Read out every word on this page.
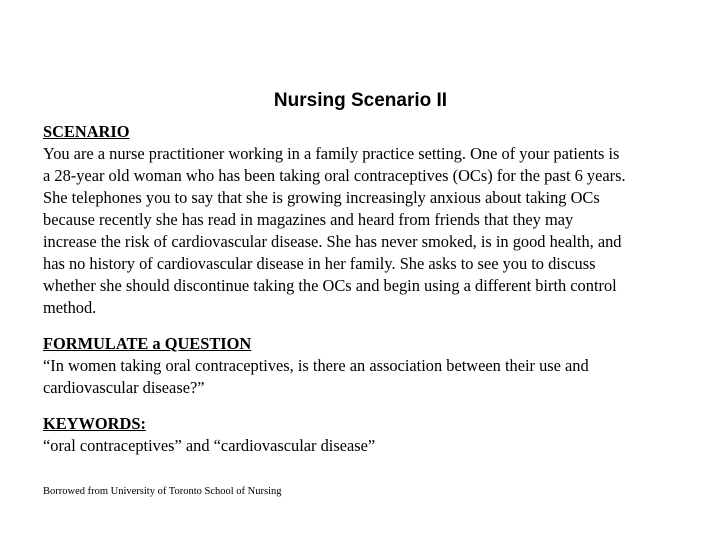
Nursing Scenario II
SCENARIO
You are a nurse practitioner working in a family practice setting. One of your patients is
a 28-year old woman who has been taking oral contraceptives (OCs) for the past 6 years.
She telephones you to say that she is growing increasingly anxious about taking OCs
because recently she has read in magazines and heard from friends that they may
increase the risk of cardiovascular disease. She has never smoked, is in good health, and
has no history of cardiovascular disease in her family. She asks to see you to discuss
whether she should discontinue taking the OCs and begin using a different birth control
method.
FORMULATE a QUESTION
“In women taking oral contraceptives, is there an association between their use and
cardiovascular disease?”
KEYWORDS:
“oral contraceptives” and “cardiovascular disease”
Borrowed from University of Toronto School of Nursing
